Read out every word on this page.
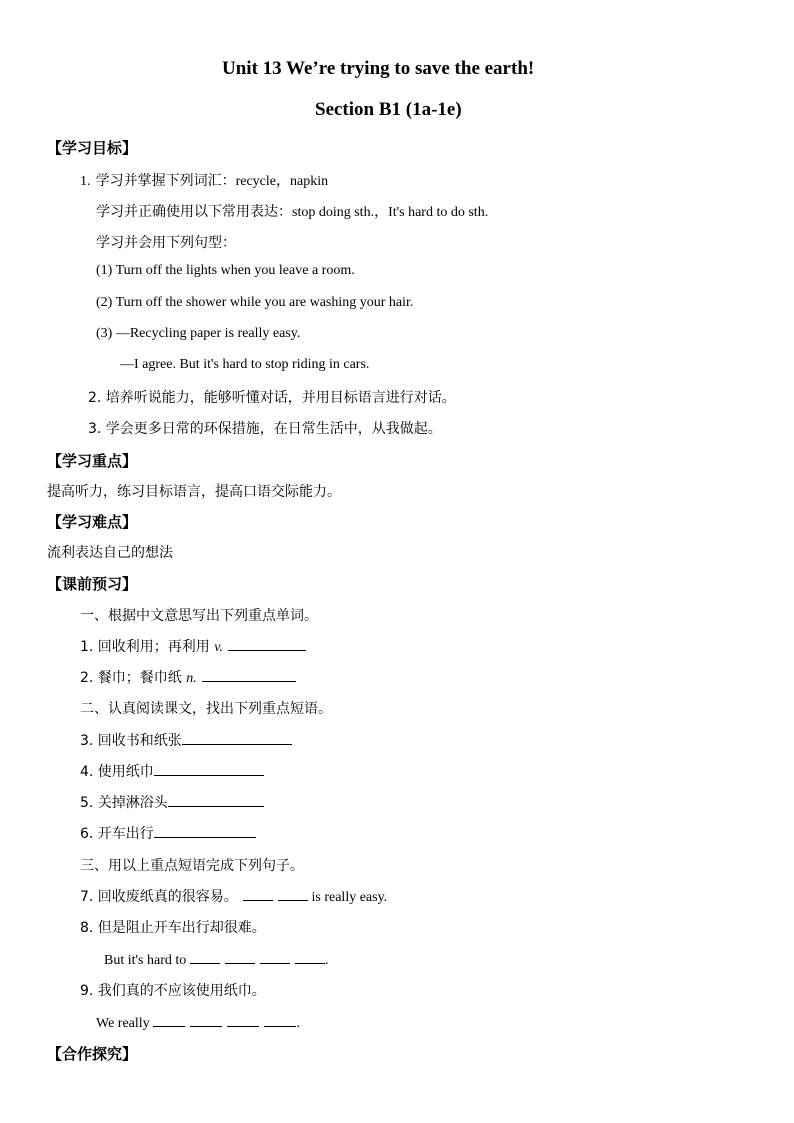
Unit 13 We’re trying to save the earth!
Section B1 (1a-1e)
【学习目标】
1. 学习并掌握下列词汇：recycle，napkin
学习并正确使用以下常用表达：stop doing sth.，It's hard to do sth.
学习并会用下列句型：
(1) Turn off the lights when you leave a room.
(2) Turn off the shower while you are washing your hair.
(3) —Recycling paper is really easy.
—I agree. But it's hard to stop riding in cars.
2. 培养听说能力，能够听懂对话，并用目标语言进行对话。
3. 学会更多日常的环保措施，在日常生活中，从我做起。
【学习重点】
提高听力，练习目标语言，提高口语交际能力。
【学习难点】
流利表达自己的想法
【课前预习】
一、根据中文意思写出下列重点单词。
1. 回收利用；再利用 v.
2. 餐巾；餐巾纸 n.
二、认真阅读课文，找出下列重点短语。
3. 回收书和纸张
4. 使用纸巾
5. 关掉淋浴头
6. 开车出行
三、用以上重点短语完成下列句子。
7. 回收废纸真的很容易。	is really easy.
8. 但是阻止开车出行却很难。
But it's hard to	.
9. 我们真的不应该使用纸巾。
We really	.
【合作探究】
